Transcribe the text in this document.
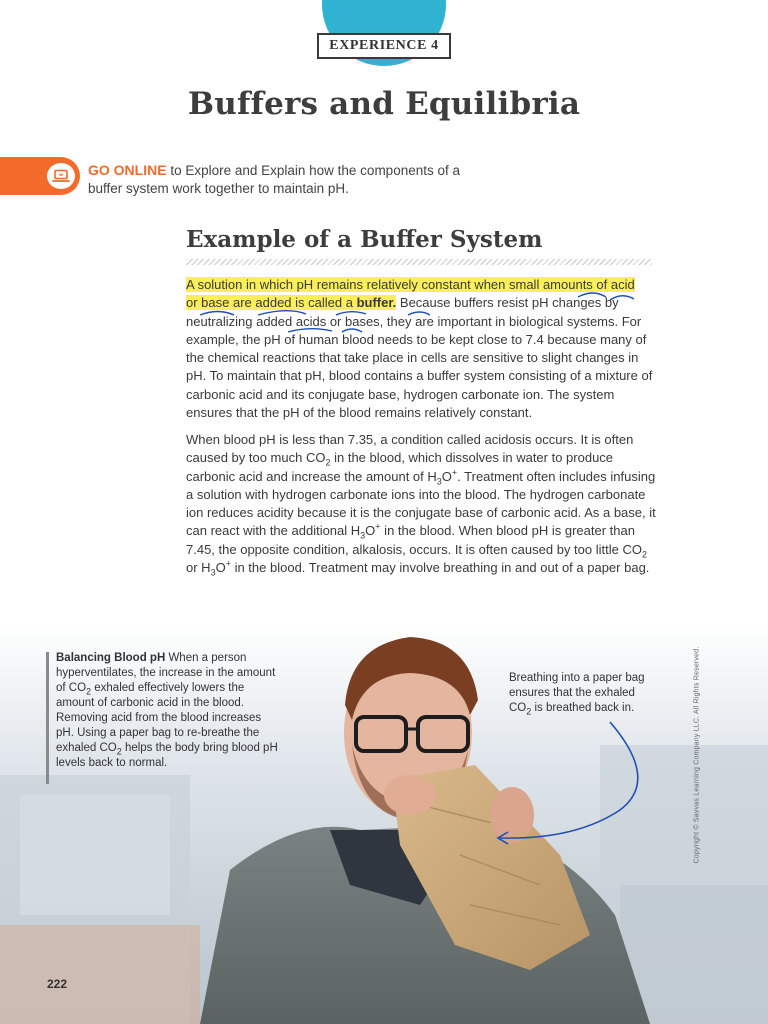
EXPERIENCE 4
Buffers and Equilibria
GO ONLINE to Explore and Explain how the components of a
buffer system work together to maintain pH.
Example of a Buffer System

A solution in which pH remains relatively constant when small amounts of acid
or base are added is called a buffer. Because buffers resist pH changes by neutralizing added acids or bases, they are important in biological systems. For example, the pH of human blood needs to be kept close to 7.4 because many of the chemical reactions that take place in cells are sensitive to slight changes in pH. To maintain that pH, blood contains a buffer system consisting of a mixture of carbonic acid and its conjugate base, hydrogen carbonate ion. The system ensures that the pH of the blood remains relatively constant.

When blood pH is less than 7.35, a condition called acidosis occurs. It is often caused by too much $CO_2$ in the blood, which dissolves in water to produce carbonic acid and increase the amount of $H_3O^+$. Treatment often includes infusing a solution with hydrogen carbonate ions into the blood. The hydrogen carbonate ion reduces acidity because it is the conjugate base of carbonic acid. As a base, it can react with the additional $H_3O^+$ in the blood. When blood pH is greater than 7.45, the opposite condition, alkalosis, occurs. It is often caused by too little $CO_2$ or $H_3O^+$ in the blood. Treatment may involve breathing in and out of a paper bag.

Balancing Blood pH When a person hyperventilates, the increase in the amount of $CO_2$ exhaled effectively lowers the amount of carbonic acid in the blood. Removing acid from the blood increases pH. Using a paper bag to re-breathe the exhaled $CO_2$ helps the body bring blood pH levels back to normal.

Breathing into a paper bag ensures that the exhaled $CO_2$ is breathed back in.	Copyright © Savvas Learning Company LLC. All Rights Reserved.
222
